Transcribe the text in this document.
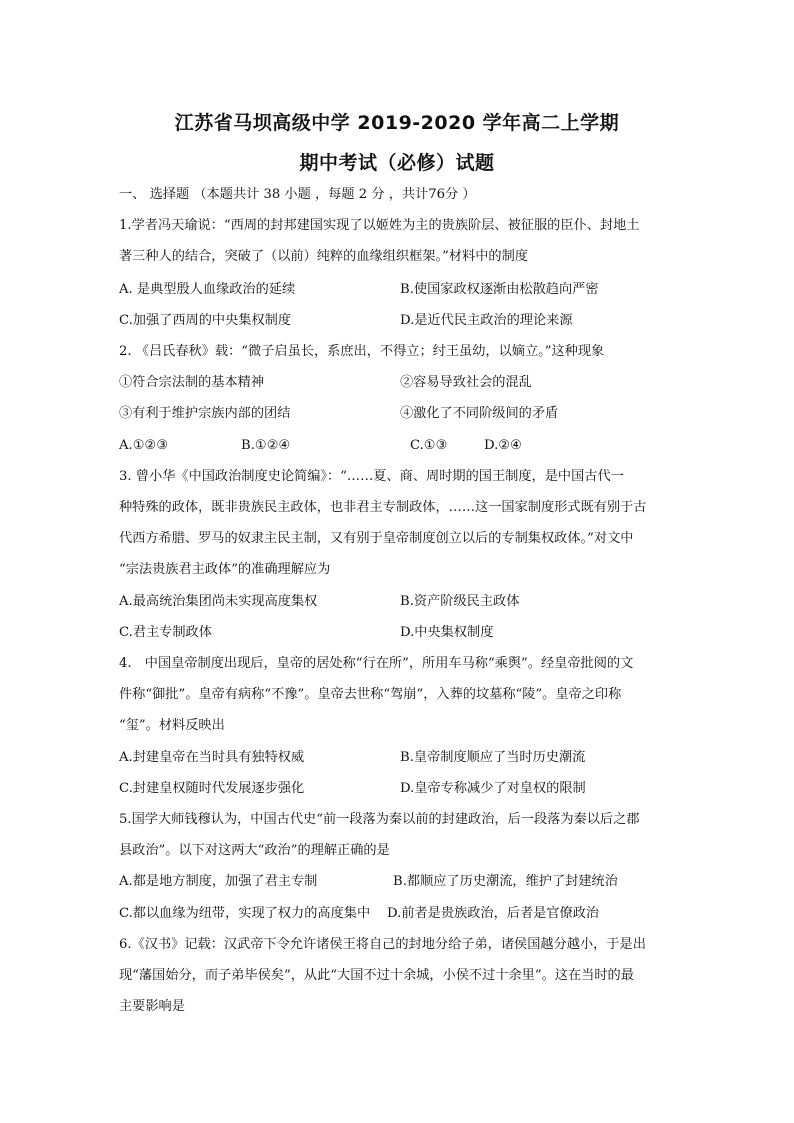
江苏省马坝高级中学 2019-2020 学年高二上学期
期中考试（必修）试题
一、 选择题 （本题共计 38 小题 ，每题 2 分 ，共计76分 ）
1.学者冯天瑜说：“西周的封邦建国实现了以姬姓为主的贵族阶层、被征服的臣仆、封地土
著三种人的结合，突破了（以前）纯粹的血缘组织框架。”材料中的制度
A. 是典型殷人血缘政治的延续	B.使国家政权逐渐由松散趋向严密
C.加强了西周的中央集权制度	D.是近代民主政治的理论来源
2. 《吕氏春秋》载：“微子启虽长，系庶出，不得立；纣王虽幼，以嫡立。”这种现象
①符合宗法制的基本精神	②容易导致社会的混乱
③有利于维护宗族内部的团结	④激化了不同阶级间的矛盾
A.①②③	B.①②④	C.①③	D.②④
3. 曾小华《中国政治制度史论简编》：“……夏、商、周时期的国王制度，是中国古代一
种特殊的政体，既非贵族民主政体，也非君主专制政体，……这一国家制度形式既有别于古
代西方希腊、罗马的奴隶主民主制，又有别于皇帝制度创立以后的专制集权政体。”对文中
“宗法贵族君主政体”的准确理解应为
A.最高统治集团尚未实现高度集权	B.资产阶级民主政体
C.君主专制政体	D.中央集权制度
4.　中国皇帝制度出现后，皇帝的居处称“行在所”，所用车马称“乘舆”。经皇帝批阅的文
件称“御批”。皇帝有病称“不豫”。皇帝去世称“驾崩”，入葬的坟墓称“陵”。皇帝之印称
“玺”。材料反映出
A.封建皇帝在当时具有独特权威	B.皇帝制度顺应了当时历史潮流
C.封建皇权随时代发展逐步强化	D.皇帝专称减少了对皇权的限制
5.国学大师钱穆认为，中国古代史“前一段落为秦以前的封建政治，后一段落为秦以后之郡
县政治”。以下对这两大“政治”的理解正确的是
A.都是地方制度，加强了君主专制	B.都顺应了历史潮流，维护了封建统治
C.都以血缘为纽带，实现了权力的高度集中 D.前者是贵族政治，后者是官僚政治
6.《汉书》记载：汉武帝下令允许诸侯王将自己的封地分给子弟，诸侯国越分越小，于是出
现“藩国始分，而子弟毕侯矣”，从此“大国不过十余城，小侯不过十余里”。这在当时的最
主要影响是
